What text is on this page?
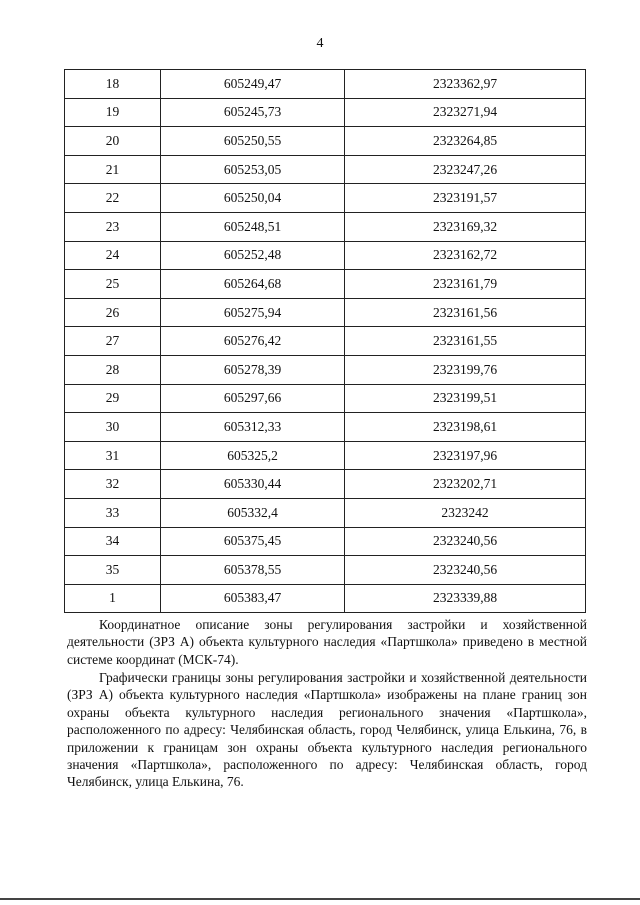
4
18	605249,47	2323362,97
19	605245,73	2323271,94
20	605250,55	2323264,85
21	605253,05	2323247,26
22	605250,04	2323191,57
23	605248,51	2323169,32
24	605252,48	2323162,72
25	605264,68	2323161,79
26	605275,94	2323161,56
27	605276,42	2323161,55
28	605278,39	2323199,76
29	605297,66	2323199,51
30	605312,33	2323198,61
31	605325,2	2323197,96
32	605330,44	2323202,71
33	605332,4	2323242
34	605375,45	2323240,56
35	605378,55	2323240,56
1	605383,47	2323339,88

Координатное описание зоны регулирования застройки и хозяйственной деятельности (ЗРЗ А) объекта культурного наследия «Партшкола» приведено в местной системе координат (МСК-74).

Графически границы зоны регулирования застройки и хозяйственной деятельности (ЗРЗ А) объекта культурного наследия «Партшкола» изображены на плане границ зон охраны объекта культурного наследия регионального значения «Партшкола», расположенного по адресу: Челябинская область, город Челябинск, улица Елькина, 76, в приложении к границам зон охраны объекта культурного наследия регионального значения «Партшкола», расположенного по адресу: Челябинская область, город Челябинск, улица Елькина, 76.
